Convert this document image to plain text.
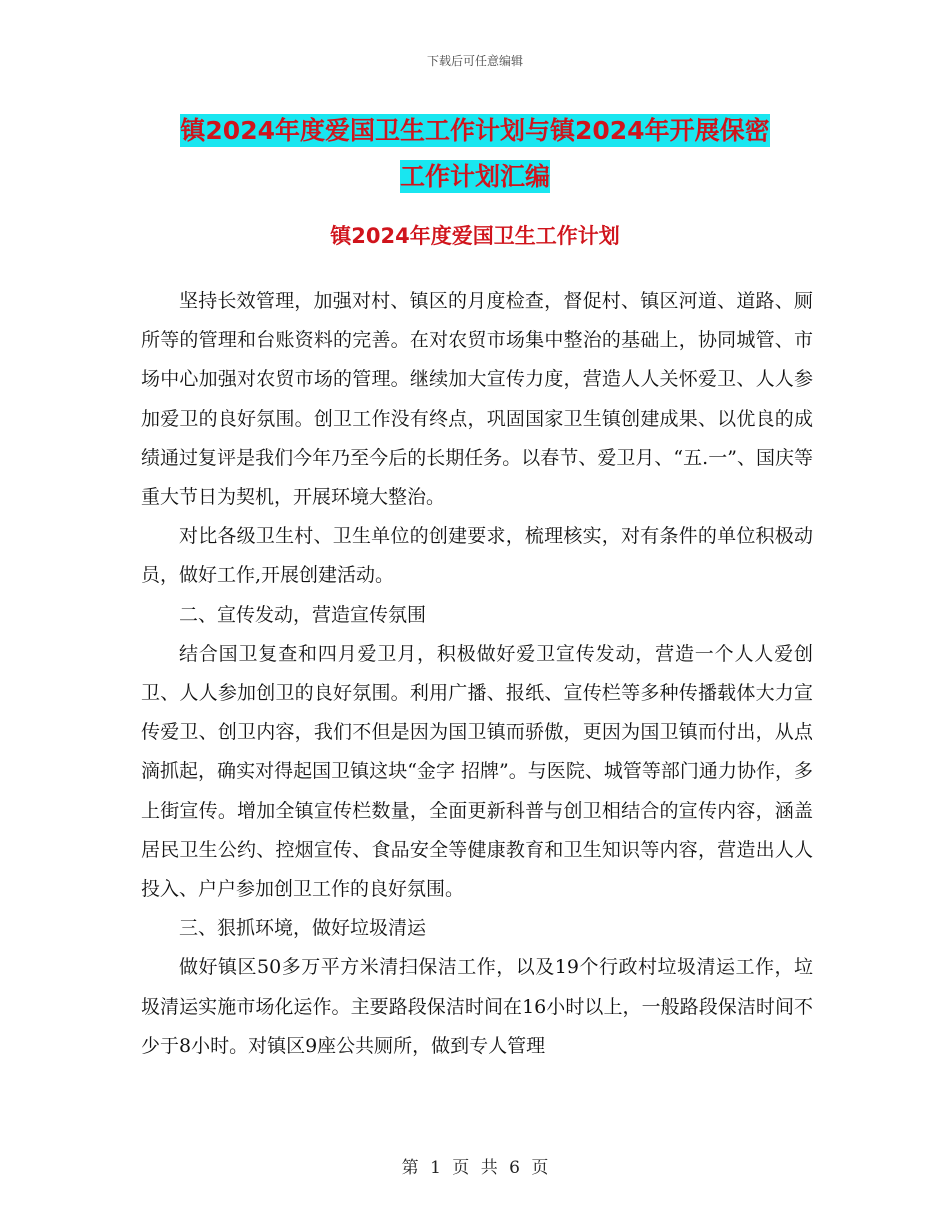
下载后可任意编辑
镇2024年度爱国卫生工作计划与镇2024年开展保密
工作计划汇编
镇2024年度爱国卫生工作计划

坚持长效管理，加强对村、镇区的月度检查，督促村、镇区河道、道路、厕所等的管理和台账资料的完善。在对农贸市场集中整治的基础上，协同城管、市场中心加强对农贸市场的管理。继续加大宣传力度，营造人人关怀爱卫、人人参加爱卫的良好氛围。创卫工作没有终点，巩固国家卫生镇创建成果、以优良的成绩通过复评是我们今年乃至今后的长期任务。以春节、爱卫月、“五.一”、国庆等重大节日为契机，开展环境大整治。

对比各级卫生村、卫生单位的创建要求，梳理核实，对有条件的单位积极动员，做好工作,开展创建活动。

二、宣传发动，营造宣传氛围

结合国卫复查和四月爱卫月，积极做好爱卫宣传发动，营造一个人人爱创卫、人人参加创卫的良好氛围。利用广播、报纸、宣传栏等多种传播载体大力宣传爱卫、创卫内容，我们不但是因为国卫镇而骄傲，更因为国卫镇而付出，从点滴抓起，确实对得起国卫镇这块“金字 招牌”。与医院、城管等部门通力协作，多上街宣传。增加全镇宣传栏数量，全面更新科普与创卫相结合的宣传内容，涵盖居民卫生公约、控烟宣传、食品安全等健康教育和卫生知识等内容，营造出人人投入、户户参加创卫工作的良好氛围。

三、狠抓环境，做好垃圾清运

做好镇区50多万平方米清扫保洁工作，以及19个行政村垃圾清运工作，垃圾清运实施市场化运作。主要路段保洁时间在16小时以上，一般路段保洁时间不少于8小时。对镇区9座公共厕所，做到专人管理

第 1 页 共 6 页
